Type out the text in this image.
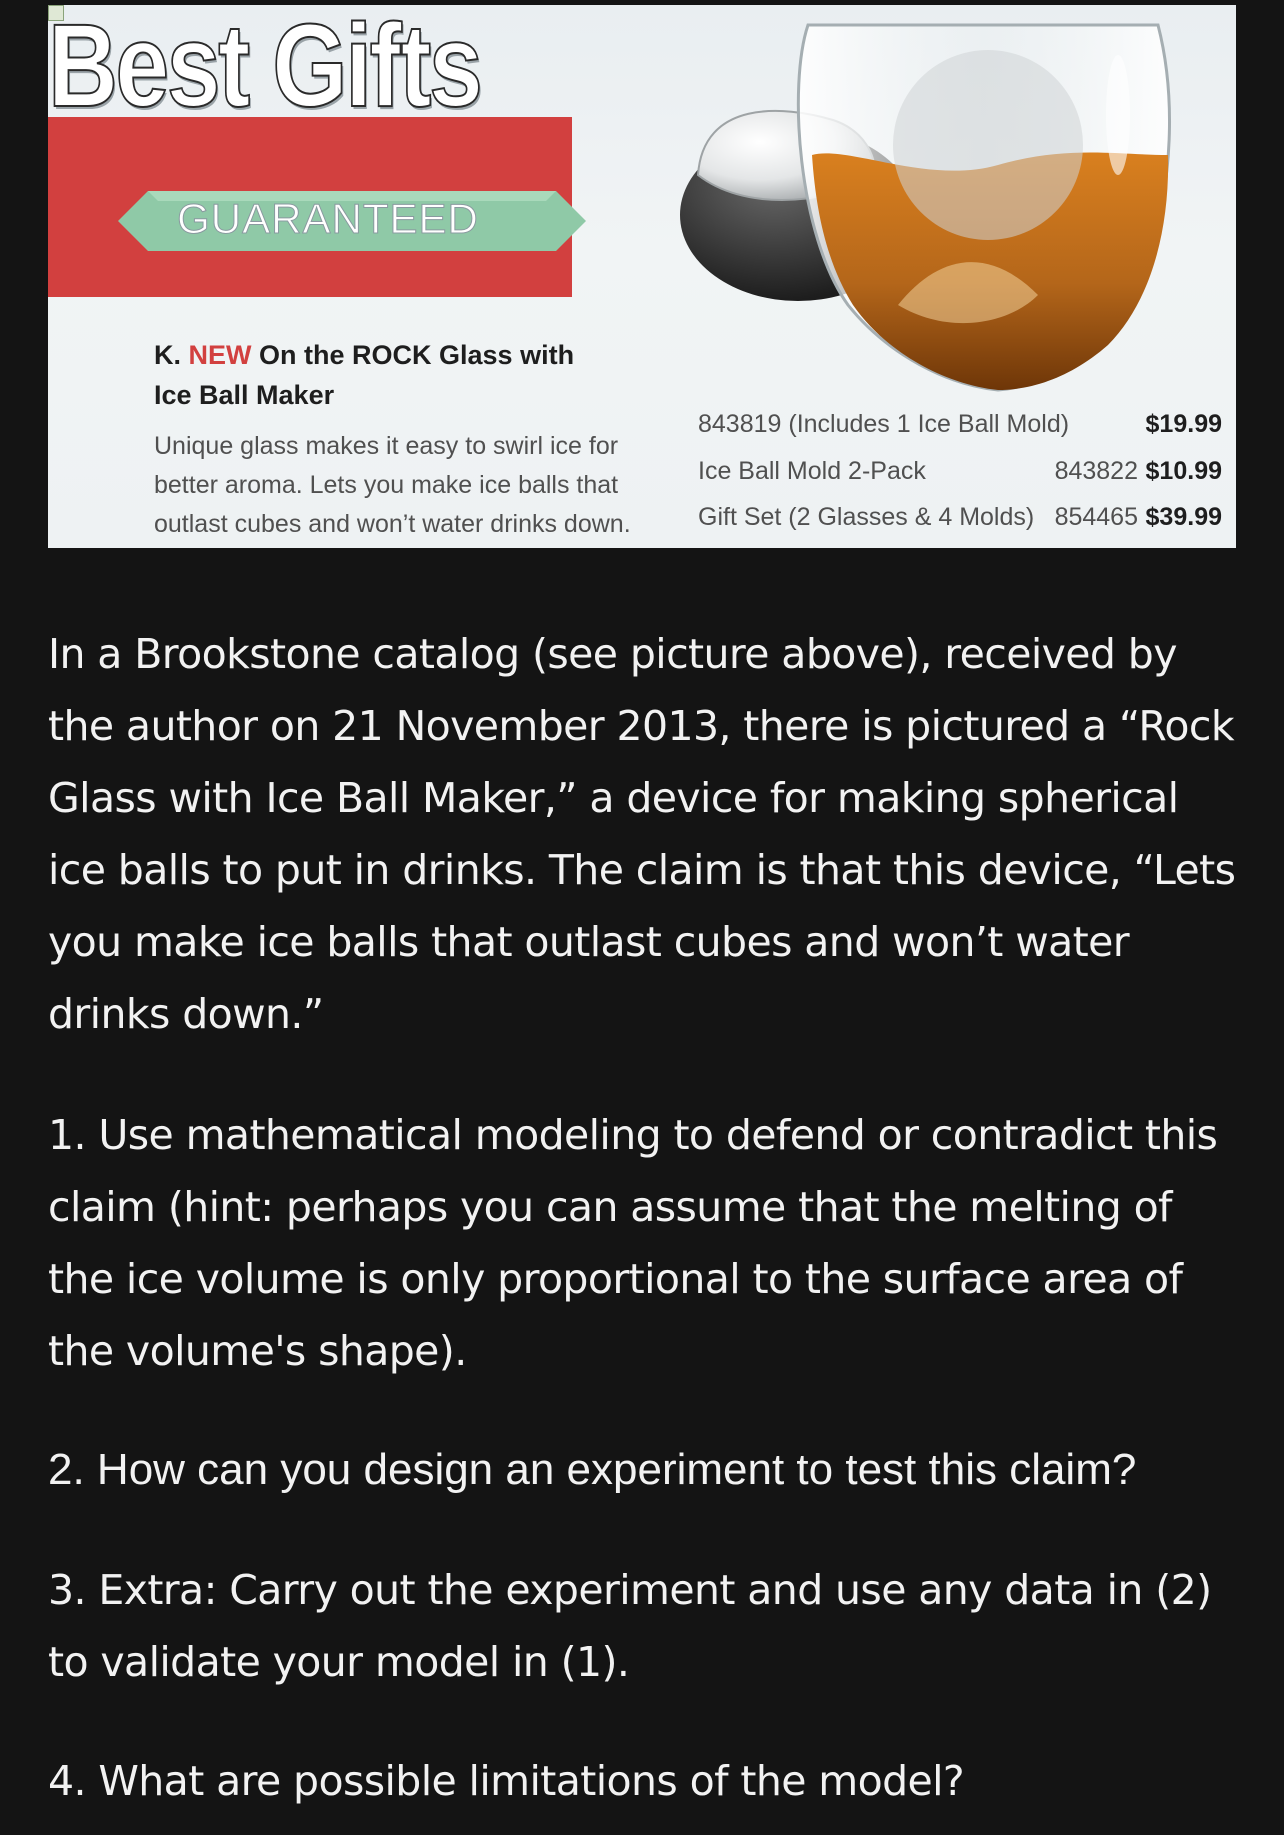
Best Gifts
GUARANTEED

K. NEW On the ROCK Glass with
Ice Ball Maker

Unique glass makes it easy to swirl ice for
better aroma. Lets you make ice balls that
outlast cubes and won’t water drinks down.

843819 (Includes 1 Ice Ball Mold)	$19.99
Ice Ball Mold 2-Pack	843822 $10.99
Gift Set (2 Glasses & 4 Molds) 854465 $39.99

In a Brookstone catalog (see picture above), received by the author on 21 November 2013, there is pictured a “Rock Glass with Ice Ball Maker,” a device for making spherical ice balls to put in drinks. The claim is that this device, “Lets you make ice balls that outlast cubes and won’t water drinks down.”

1. Use mathematical modeling to defend or contradict this claim (hint: perhaps you can assume that the melting of the ice volume is only proportional to the surface area of the volume's shape).

2. How can you design an experiment to test this claim?

3. Extra: Carry out the experiment and use any data in (2) to validate your model in (1).

4. What are possible limitations of the model?
